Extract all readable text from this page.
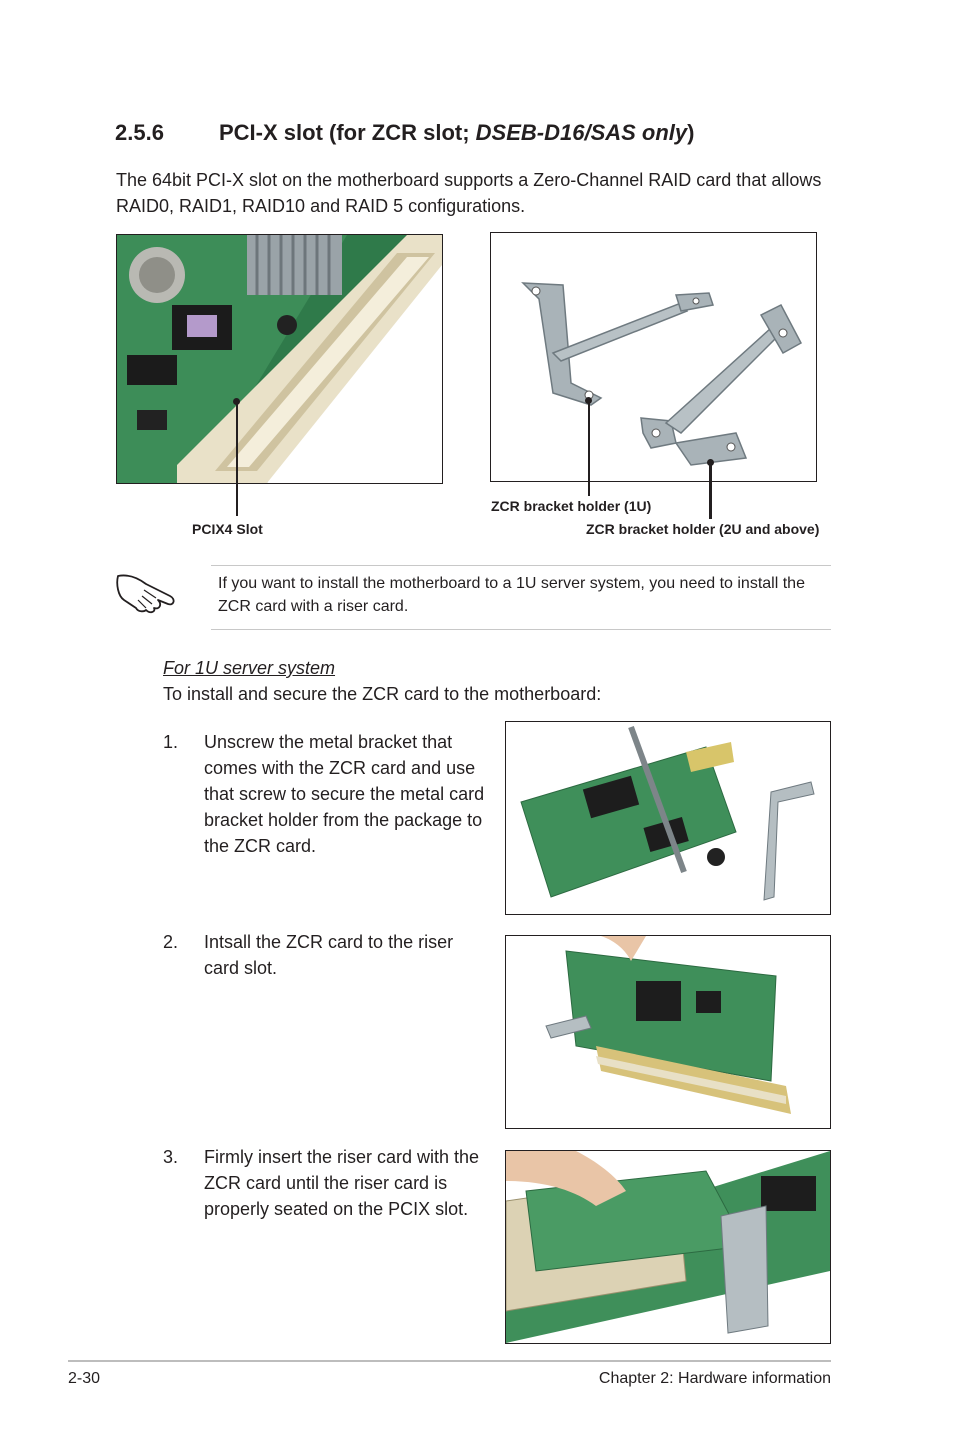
2.5.6	PCI-X slot (for ZCR slot; DSEB-D16/SAS only)
The 64bit PCI-X slot on the motherboard supports a Zero-Channel RAID card that allows RAID0, RAID1, RAID10 and RAID 5 configurations.
PCIX4 Slot
ZCR bracket holder (1U)
ZCR bracket holder (2U and above)
If you want to install the motherboard to a 1U server system, you need to install the ZCR card with a riser card.
For 1U server system
To install and secure the ZCR card to the motherboard:
1.	Unscrew the metal bracket that comes with the ZCR card and use that screw to secure the metal card bracket holder from the package to the ZCR card.
2.	Intsall the ZCR card to the riser card slot.
3.	Firmly insert the riser card with the ZCR card until the riser card is properly seated on the PCIX slot.
2-30	Chapter 2: Hardware information
